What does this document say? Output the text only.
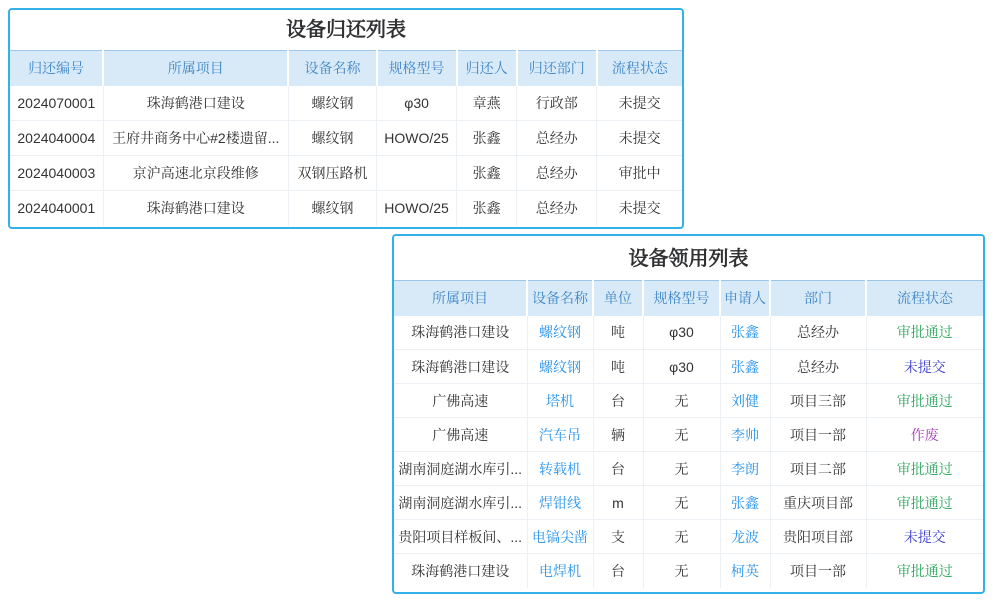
设备归还列表
归还编号	所属项目	设备名称	规格型号	归还人	归还部门	流程状态
2024070001	珠海鹤港口建设	螺纹钢	φ30	章燕	行政部	未提交
2024040004	王府井商务中心#2楼遗留...	螺纹钢	HOWO/25	张鑫	总经办	未提交
2024040003	京沪高速北京段维修	双钢压路机		张鑫	总经办	审批中
2024040001	珠海鹤港口建设	螺纹钢	HOWO/25	张鑫	总经办	未提交
设备领用列表
所属项目	设备名称	单位	规格型号	申请人	部门	流程状态
珠海鹤港口建设	螺纹钢	吨	φ30	张鑫	总经办	审批通过
珠海鹤港口建设	螺纹钢	吨	φ30	张鑫	总经办	未提交
广佛高速	塔机	台	无	刘健	项目三部	审批通过
广佛高速	汽车吊	辆	无	李帅	项目一部	作废
湖南洞庭湖水库引...	转载机	台	无	李朗	项目二部	审批通过
湖南洞庭湖水库引...	焊钳线	m	无	张鑫	重庆项目部	审批通过
贵阳项目样板间、...	电镐尖凿	支	无	龙波	贵阳项目部	未提交
珠海鹤港口建设	电焊机	台	无	柯英	项目一部	审批通过
